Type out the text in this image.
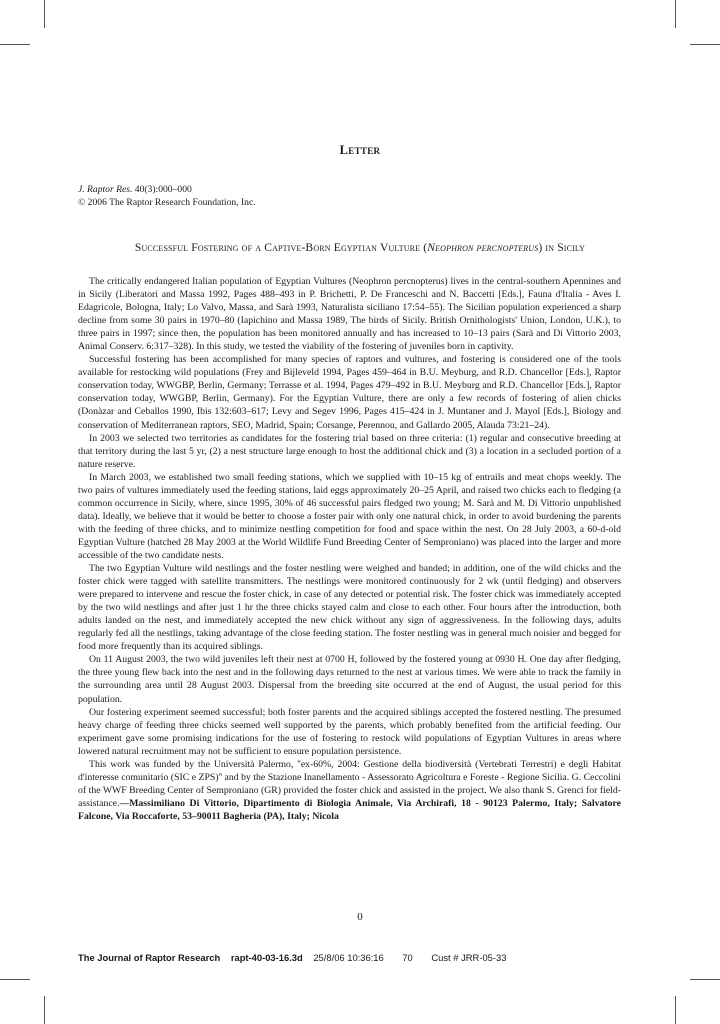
Letter
J. Raptor Res. 40(3):000–000
© 2006 The Raptor Research Foundation, Inc.
Successful Fostering of a Captive-Born Egyptian Vulture (Neophron percnopterus) in Sicily

The critically endangered Italian population of Egyptian Vultures (Neophron percnopterus) lives in the central-southern Apennines and in Sicily (Liberatori and Massa 1992, Pages 488–493 in P. Brichetti, P. De Franceschi and N. Baccetti [Eds.], Fauna d'Italia - Aves I. Edagricole, Bologna, Italy; Lo Valvo, Massa, and Sarà 1993, Naturalista siciliano 17:54–55). The Sicilian population experienced a sharp decline from some 30 pairs in 1970–80 (Iapichino and Massa 1989, The birds of Sicily. British Ornithologists' Union, London, U.K.), to three pairs in 1997; since then, the population has been monitored annually and has increased to 10–13 pairs (Sarà and Di Vittorio 2003, Animal Conserv. 6:317–328). In this study, we tested the viability of the fostering of juveniles born in captivity.

Successful fostering has been accomplished for many species of raptors and vultures, and fostering is considered one of the tools available for restocking wild populations (Frey and Bijleveld 1994, Pages 459–464 in B.U. Meyburg, and R.D. Chancellor [Eds.], Raptor conservation today, WWGBP, Berlin, Germany; Terrasse et al. 1994, Pages 479–492 in B.U. Meyburg and R.D. Chancellor [Eds.], Raptor conservation today, WWGBP, Berlin, Germany). For the Egyptian Vulture, there are only a few records of fostering of alien chicks (Donàzar and Ceballos 1990, Ibis 132:603–617; Levy and Segev 1996, Pages 415–424 in J. Muntaner and J. Mayol [Eds.], Biology and conservation of Mediterranean raptors, SEO, Madrid, Spain; Corsange, Perennou, and Gallardo 2005, Alauda 73:21–24).

In 2003 we selected two territories as candidates for the fostering trial based on three criteria: (1) regular and consecutive breeding at that territory during the last 5 yr, (2) a nest structure large enough to host the additional chick and (3) a location in a secluded portion of a nature reserve.

In March 2003, we established two small feeding stations, which we supplied with 10–15 kg of entrails and meat chops weekly. The two pairs of vultures immediately used the feeding stations, laid eggs approximately 20–25 April, and raised two chicks each to fledging (a common occurrence in Sicily, where, since 1995, 30% of 46 successful pairs fledged two young; M. Sarà and M. Di Vittorio unpublished data). Ideally, we believe that it would be better to choose a foster pair with only one natural chick, in order to avoid burdening the parents with the feeding of three chicks, and to minimize nestling competition for food and space within the nest. On 28 July 2003, a 60-d-old Egyptian Vulture (hatched 28 May 2003 at the World Wildlife Fund Breeding Center of Semproniano) was placed into the larger and more accessible of the two candidate nests.

The two Egyptian Vulture wild nestlings and the foster nestling were weighed and banded; in addition, one of the wild chicks and the foster chick were tagged with satellite transmitters. The nestlings were monitored continuously for 2 wk (until fledging) and observers were prepared to intervene and rescue the foster chick, in case of any detected or potential risk. The foster chick was immediately accepted by the two wild nestlings and after just 1 hr the three chicks stayed calm and close to each other. Four hours after the introduction, both adults landed on the nest, and immediately accepted the new chick without any sign of aggressiveness. In the following days, adults regularly fed all the nestlings, taking advantage of the close feeding station. The foster nestling was in general much noisier and begged for food more frequently than its acquired siblings.

On 11 August 2003, the two wild juveniles left their nest at 0700 H, followed by the fostered young at 0930 H. One day after fledging, the three young flew back into the nest and in the following days returned to the nest at various times. We were able to track the family in the surrounding area until 28 August 2003. Dispersal from the breeding site occurred at the end of August, the usual period for this population.

Our fostering experiment seemed successful; both foster parents and the acquired siblings accepted the fostered nestling. The presumed heavy charge of feeding three chicks seemed well supported by the parents, which probably benefited from the artificial feeding. Our experiment gave some promising indications for the use of fostering to restock wild populations of Egyptian Vultures in areas where lowered natural recruitment may not be sufficient to ensure population persistence.

This work was funded by the Università Palermo, ''ex-60%, 2004: Gestione della biodiversità (Vertebrati Terrestri) e degli Habitat d'interesse comunitario (SIC e ZPS)'' and by the Stazione Inanellamento - Assessorato Agricoltura e Foreste - Regione Sicilia. G. Ceccolini of the WWF Breeding Center of Semproniano (GR) provided the foster chick and assisted in the project. We also thank S. Grenci for field-assistance.—Massimiliano Di Vittorio, Dipartimento di Biologia Animale, Via Archirafi, 18 - 90123 Palermo, Italy; Salvatore Falcone, Via Roccaforte, 53–90011 Bagheria (PA), Italy; Nicola

0
The Journal of Raptor Research rapt-40-03-16.3d 25/8/06 10:36:16 70 Cust # JRR-05-33
